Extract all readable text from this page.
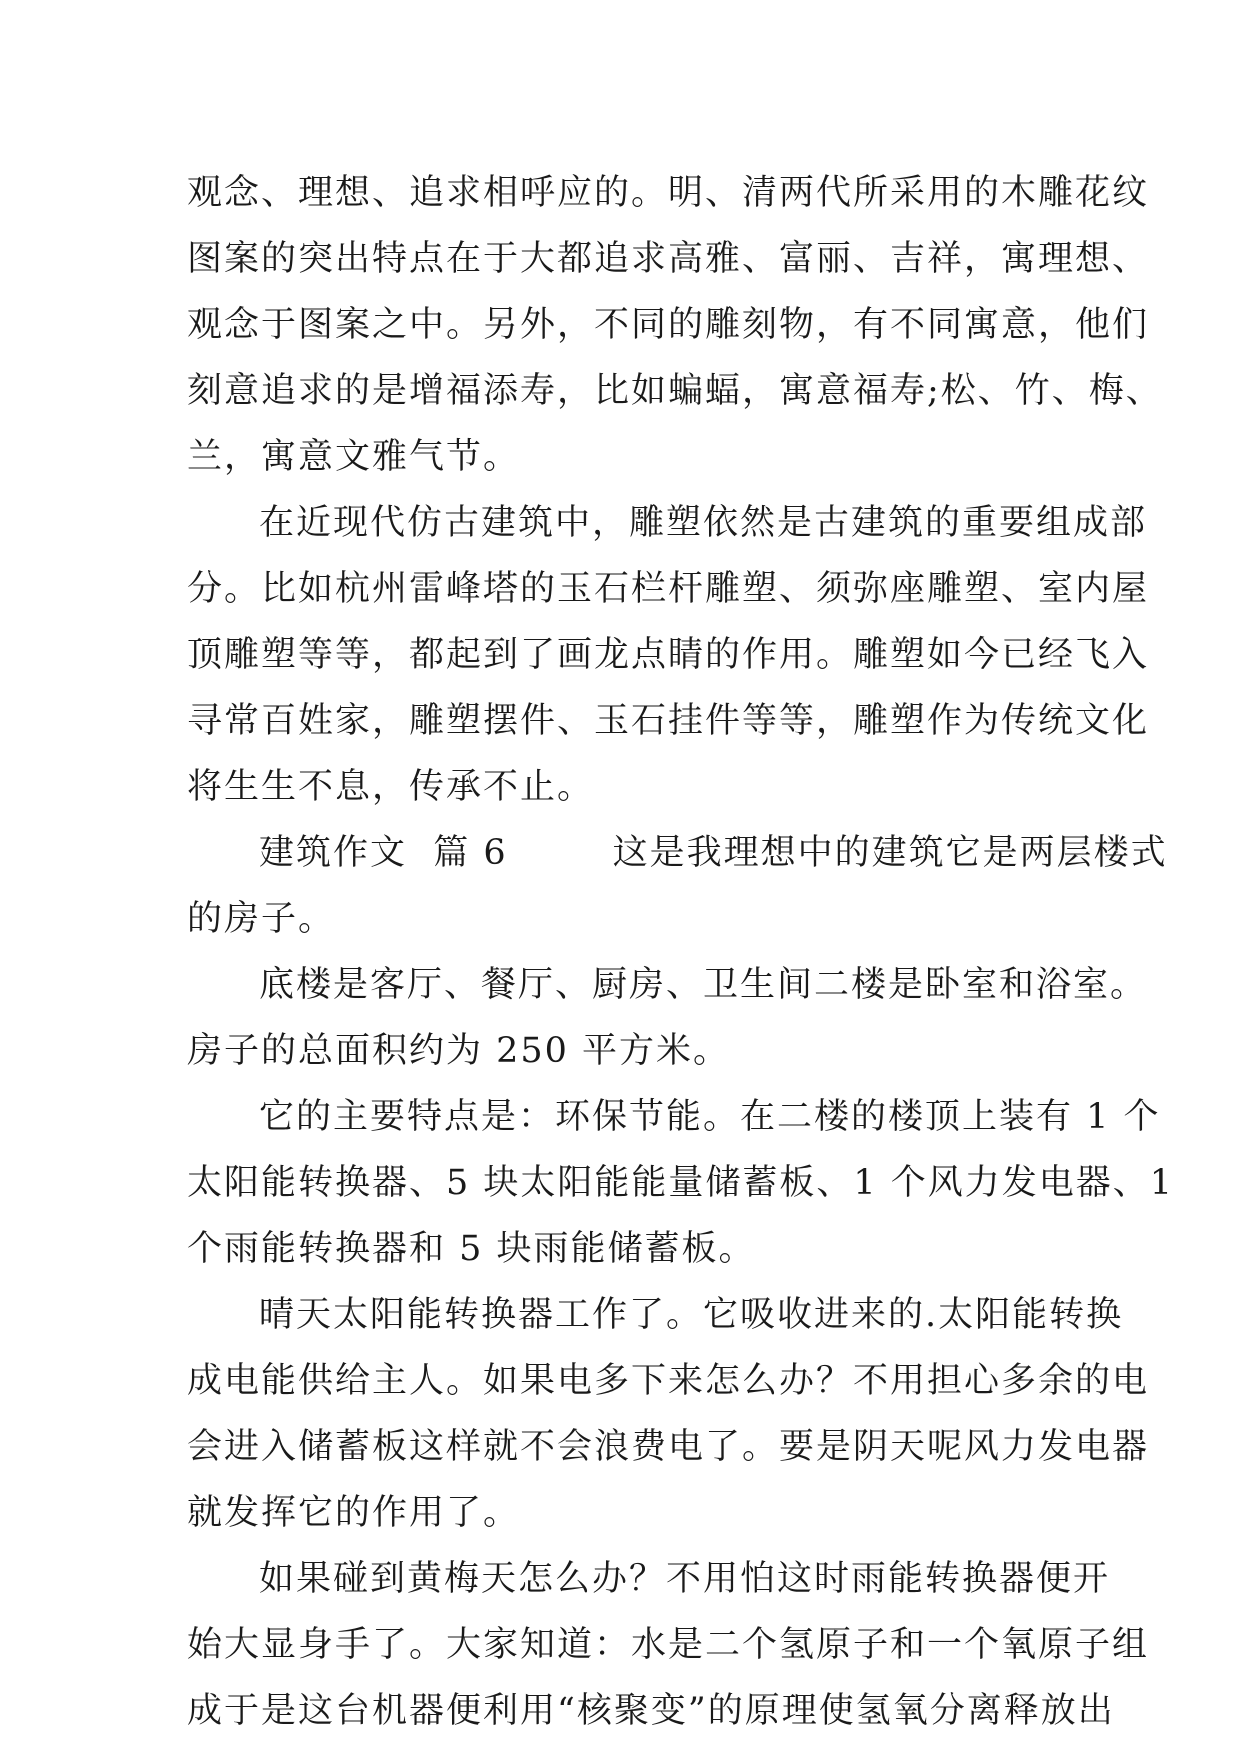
观念、理想、追求相呼应的。明、清两代所采用的木雕花纹
图案的突出特点在于大都追求高雅、富丽、吉祥，寓理想、
观念于图案之中。另外，不同的雕刻物，有不同寓意，他们
刻意追求的是增福添寿，比如蝙蝠，寓意福寿;松、竹、梅、
兰，寓意文雅气节。
在近现代仿古建筑中，雕塑依然是古建筑的重要组成部
分。比如杭州雷峰塔的玉石栏杆雕塑、须弥座雕塑、室内屋
顶雕塑等等，都起到了画龙点睛的作用。雕塑如今已经飞入
寻常百姓家，雕塑摆件、玉石挂件等等，雕塑作为传统文化
将生生不息，传承不止。
建筑作文  篇 6        这是我理想中的建筑它是两层楼式
的房子。
底楼是客厅、餐厅、厨房、卫生间二楼是卧室和浴室。
房子的总面积约为 250 平方米。
它的主要特点是：环保节能。在二楼的楼顶上装有 1 个
太阳能转换器、5 块太阳能能量储蓄板、1 个风力发电器、1
个雨能转换器和 5 块雨能储蓄板。
晴天太阳能转换器工作了。它吸收进来的.太阳能转换
成电能供给主人。如果电多下来怎么办？不用担心多余的电
会进入储蓄板这样就不会浪费电了。要是阴天呢风力发电器
就发挥它的作用了。
如果碰到黄梅天怎么办？不用怕这时雨能转换器便开
始大显身手了。大家知道：水是二个氢原子和一个氧原子组
成于是这台机器便利用“核聚变”的原理使氢氧分离释放出
